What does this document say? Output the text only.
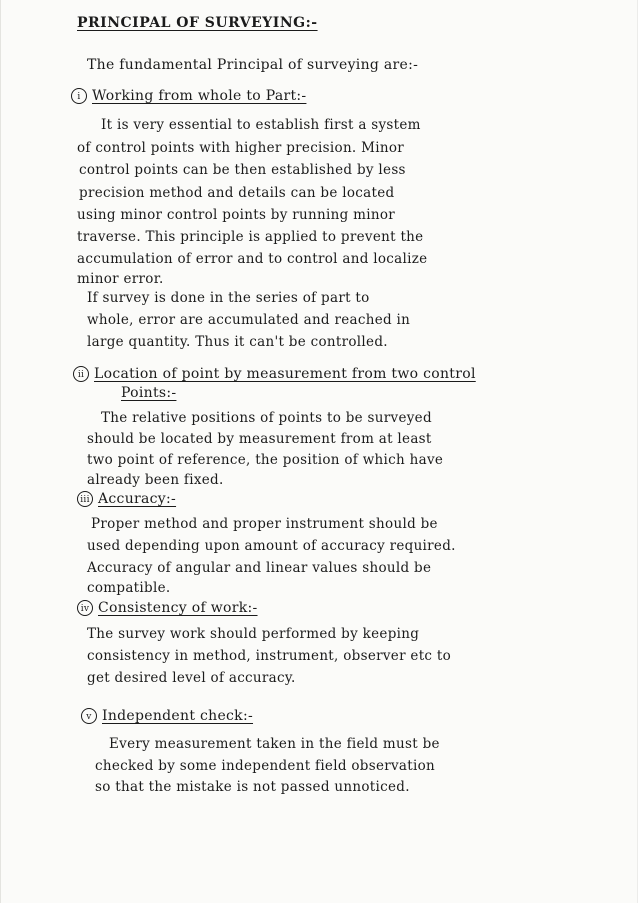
PRINCIPAL OF SURVEYING:-
The fundamental Principal of surveying are:-
i Working from whole to Part:-
It is very essential to establish first a system
of control points with higher precision. Minor
control points can be then established by less
precision method and details can be located
using minor control points by running minor
traverse. This principle is applied to prevent the
accumulation of error and to control and localize
minor error.
If survey is done in the series of part to
whole, error are accumulated and reached in
large quantity. Thus it can't be controlled.
ii Location of point by measurement from two control
Points:-
The relative positions of points to be surveyed
should be located by measurement from at least
two point of reference, the position of which have
already been fixed.
iii Accuracy:-
Proper method and proper instrument should be
used depending upon amount of accuracy required.
Accuracy of angular and linear values should be
compatible.
iv Consistency of work:-
The survey work should performed by keeping
consistency in method, instrument, observer etc to
get desired level of accuracy.
v Independent check:-
Every measurement taken in the field must be
checked by some independent field observation
so that the mistake is not passed unnoticed.
